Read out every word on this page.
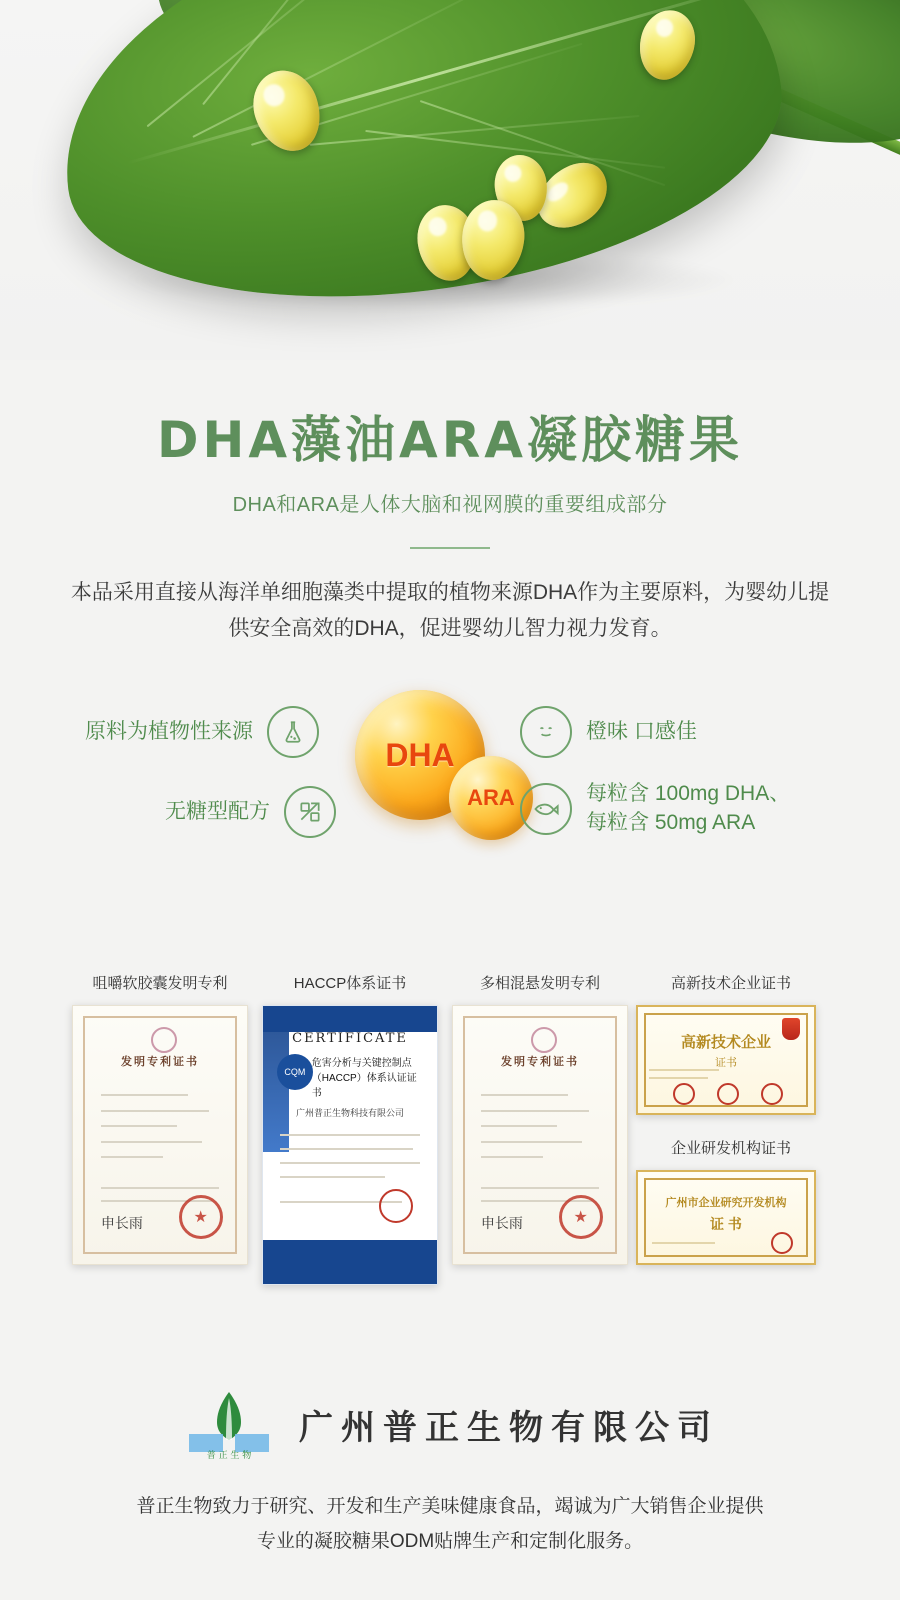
DHA藻油ARA凝胶糖果
DHA和ARA是人体大脑和视网膜的重要组成部分
本品采用直接从海洋单细胞藻类中提取的植物来源DHA作为主要原料，为婴幼儿提供安全高效的DHA，促进婴幼儿智力视力发育。
原料为植物性来源
无糖型配方
DHA
ARA
橙味 口感佳
每粒含 100mg DHA、
每粒含 50mg ARA
咀嚼软胶囊发明专利
发明专利证书
申长雨
★
HACCP体系证书
CERTIFICATE
CQM
危害分析与关键控制点（HACCP）体系认证证书
广州普正生物科技有限公司
多相混悬发明专利
发明专利证书
申长雨
★
高新技术企业证书
高新技术企业
证书
企业研发机构证书
广州市企业研究开发机构
证 书
普 正 生 物
广州普正生物有限公司
普正生物致力于研究、开发和生产美味健康食品，竭诚为广大销售企业提供
专业的凝胶糖果ODM贴牌生产和定制化服务。
